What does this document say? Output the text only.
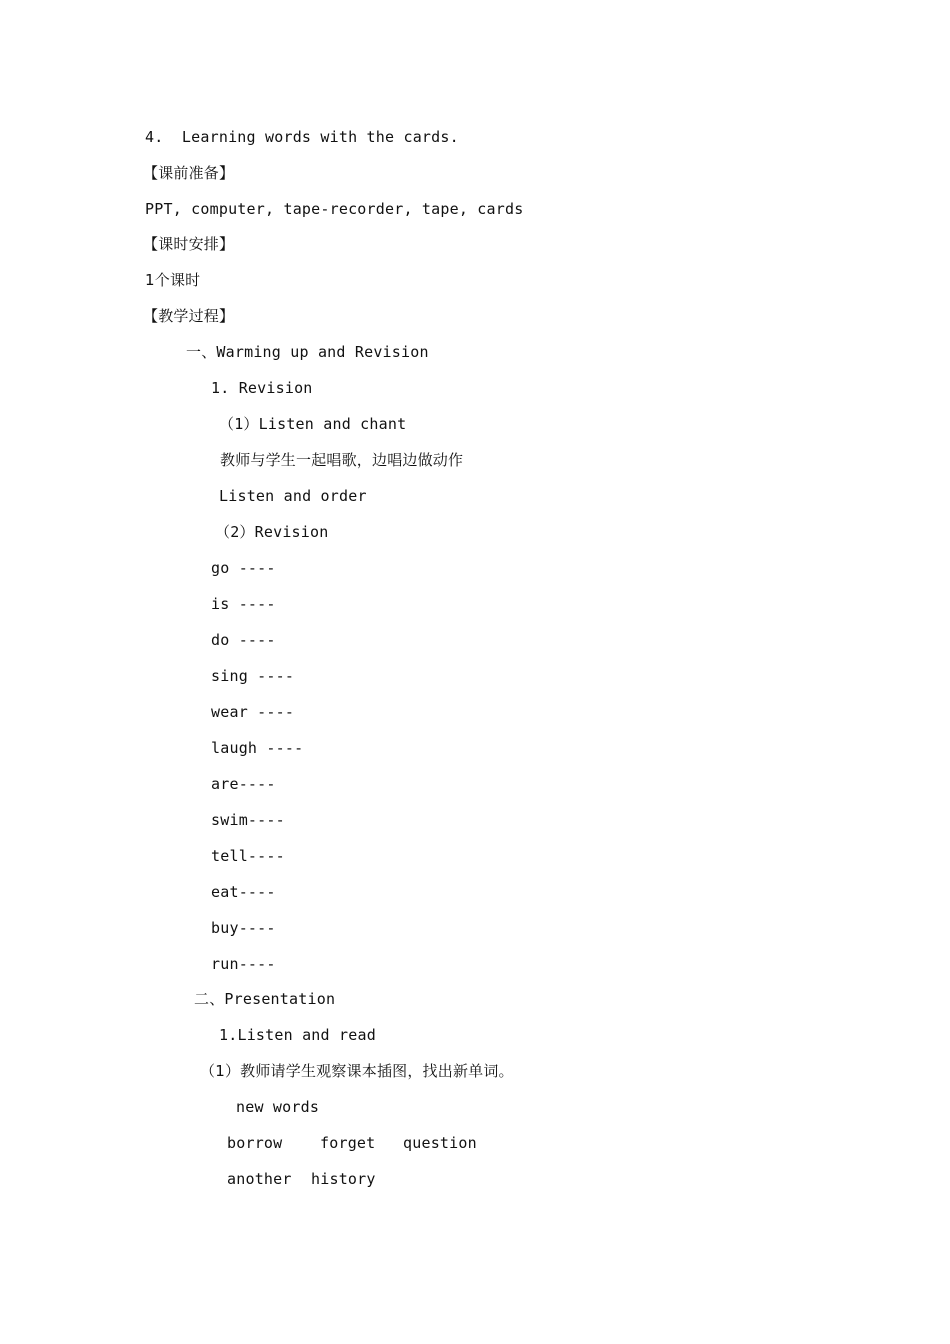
4.  Learning words with the cards.
【课前准备】
PPT, computer, tape-recorder, tape, cards
【课时安排】
1个课时
【教学过程】
一、Warming up and Revision
1. Revision
（1）Listen and chant
教师与学生一起唱歌，边唱边做动作
Listen and order
（2）Revision
go ----
is ----
do ----
sing ----
wear ----
laugh ----
are----
swim----
tell----
eat----
buy----
run----
二、Presentation
1.Listen and read
（1）教师请学生观察课本插图，找出新单词。
new words
borrow	forget question
another history
